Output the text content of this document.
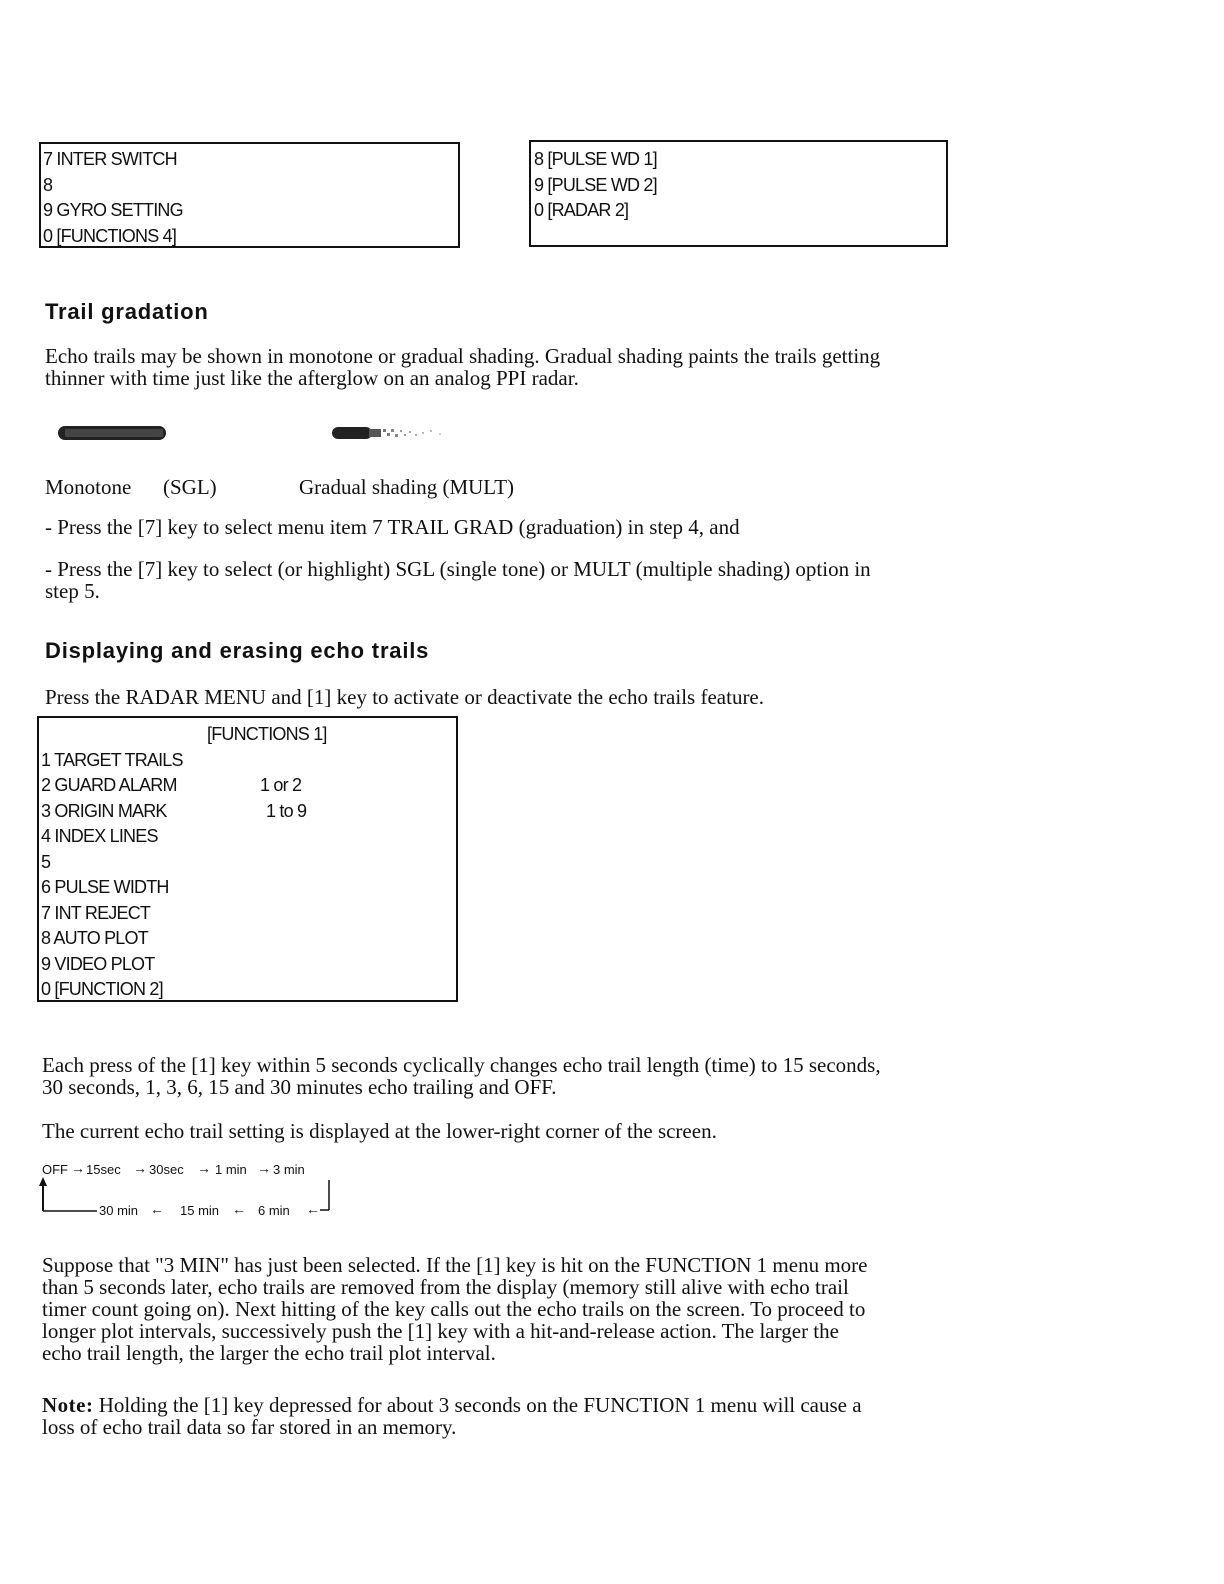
7 INTER SWITCH
8
9 GYRO SETTING
0 [FUNCTIONS 4]
8 [PULSE WD 1]
9 [PULSE WD 2]
0 [RADAR 2]
Trail gradation
Echo trails may be shown in monotone or gradual shading. Gradual shading paints the trails getting
thinner with time just like the afterglow on an analog PPI radar.
Monotone (SGL)	Gradual shading (MULT)
- Press the [7] key to select menu item 7 TRAIL GRAD (graduation) in step 4, and
- Press the [7] key to select (or highlight) SGL (single tone) or MULT (multiple shading) option in
step 5.
Displaying and erasing echo trails
Press the RADAR MENU and [1] key to activate or deactivate the echo trails feature.
[FUNCTIONS 1]
1 TARGET TRAILS
2 GUARD ALARM	1 or 2
3 ORIGIN MARK	1 to 9
4 INDEX LINES
5
6 PULSE WIDTH
7 INT REJECT
8 AUTO PLOT
9 VIDEO PLOT
0 [FUNCTION 2]
Each press of the [1] key within 5 seconds cyclically changes echo trail length (time) to 15 seconds,
30 seconds, 1, 3, 6, 15 and 30 minutes echo trailing and OFF.
The current echo trail setting is displayed at the lower-right corner of the screen.
OFF → 15sec → 30sec → 1 min → 3 min
30 min ← 15 min ← 6 min ←
Suppose that "3 MIN" has just been selected. If the [1] key is hit on the FUNCTION 1 menu more
than 5 seconds later, echo trails are removed from the display (memory still alive with echo trail
timer count going on). Next hitting of the key calls out the echo trails on the screen. To proceed to
longer plot intervals, successively push the [1] key with a hit-and-release action. The larger the
echo trail length, the larger the echo trail plot interval.
Note: Holding the [1] key depressed for about 3 seconds on the FUNCTION 1 menu will cause a
loss of echo trail data so far stored in an memory.
